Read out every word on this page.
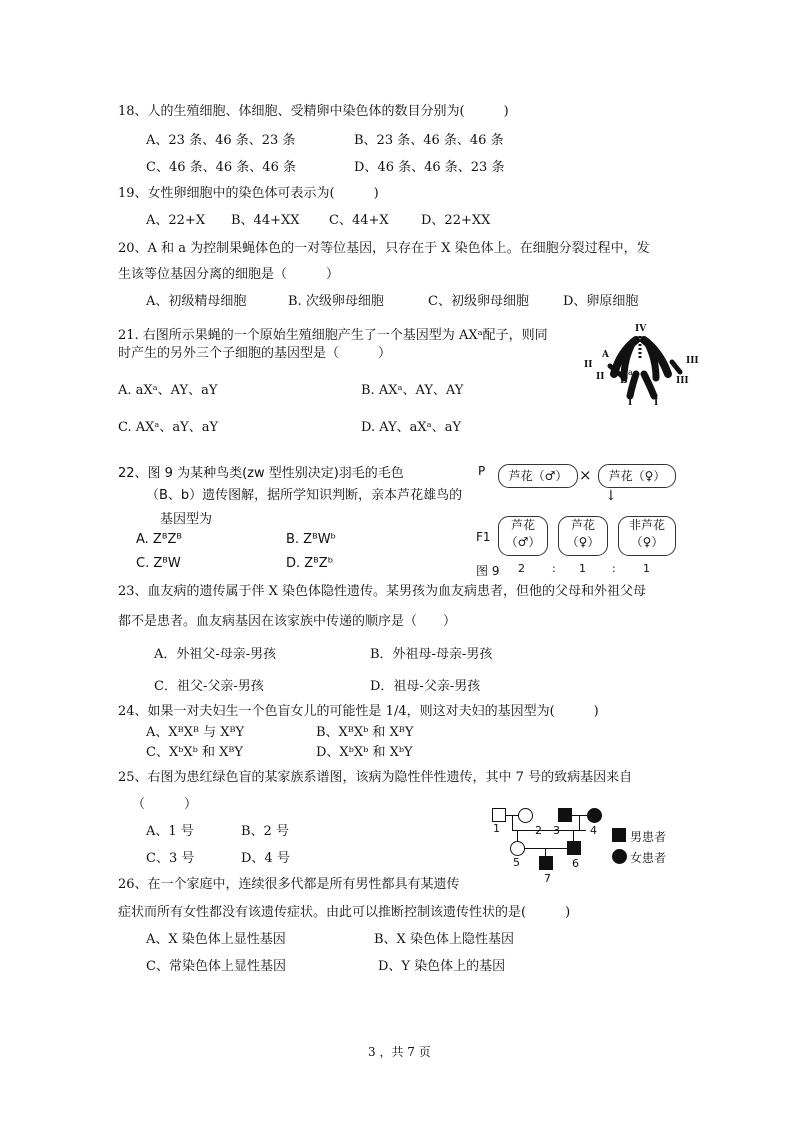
18、人的生殖细胞、体细胞、受精卵中染色体的数目分别为(　　　)
A、23 条、46 条、23 条	B、23 条、46 条、46 条
C、46 条、46 条、46 条	D、46 条、46 条、23 条
19、女性卵细胞中的染色体可表示为(　　　)
A、22+X B、44+XX C、44+X D、22+XX
20、A 和 a 为控制果蝇体色的一对等位基因，只存在于 X 染色体上。在细胞分裂过程中，发
生该等位基因分离的细胞是（　　　）
A、初级精母细胞	B. 次级卵母细胞	C、初级卵母细胞	D、卵原细胞
21. 右图所示果蝇的一个原始生殖细胞产生了一个基因型为 AXᵃ配子，则同
时产生的另外三个子细胞的基因型是（　　　）
A. aXᵃ、AY、aY	B. AXᵃ、AY、AY
C. AXᵃ、aY、aY	D. AY、aXᵃ、aY
IV
A
II
II B
a
III
III
I I
22、图 9 为某种鸟类(zw 型性别决定)羽毛的毛色
（B、b）遗传图解，据所学知识判断，亲本芦花雄鸟的
基因型为
A. ZᴮZᴮ	B. ZᴮWᵇ
C. ZᴮW	D. ZᴮZᵇ
P	芦花（♂） ×	芦花（♀）
↓
F1
芦花
（♂）
芦花
（♀）
非芦花
（♀）
图 9 2 : 1 : 1
23、血友病的遗传属于伴 X 染色体隐性遗传。某男孩为血友病患者，但他的父母和外祖父母
都不是患者。血友病基因在该家族中传递的顺序是（　　）
A．外祖父-母亲-男孩	B．外祖母-母亲-男孩
C．祖父-父亲-男孩	D．祖母-父亲-男孩
24、如果一对夫妇生一个色盲女儿的可能性是 1/4，则这对夫妇的基因型为(　　　)
A、XᴮXᴮ 与 XᴮY	B、XᴮXᵇ 和 XᴮY
C、XᵇXᵇ 和 XᴮY	D、XᵇXᵇ 和 XᵇY
25、右图为患红绿色盲的某家族系谱图，该病为隐性伴性遗传，其中 7 号的致病基因来自
（　　　）
A、1 号	B、2 号
C、3 号	D、4 号
1	2 3	4
5	6
7
男患者
女患者
26、在一个家庭中，连续很多代都是所有男性都具有某遗传
症状而所有女性都没有该遗传症状。由此可以推断控制该遗传性状的是(　　　)
A、X 染色体上显性基因	B、X 染色体上隐性基因
C、常染色体上显性基因	D、Y 染色体上的基因
3 ，共 7 页
